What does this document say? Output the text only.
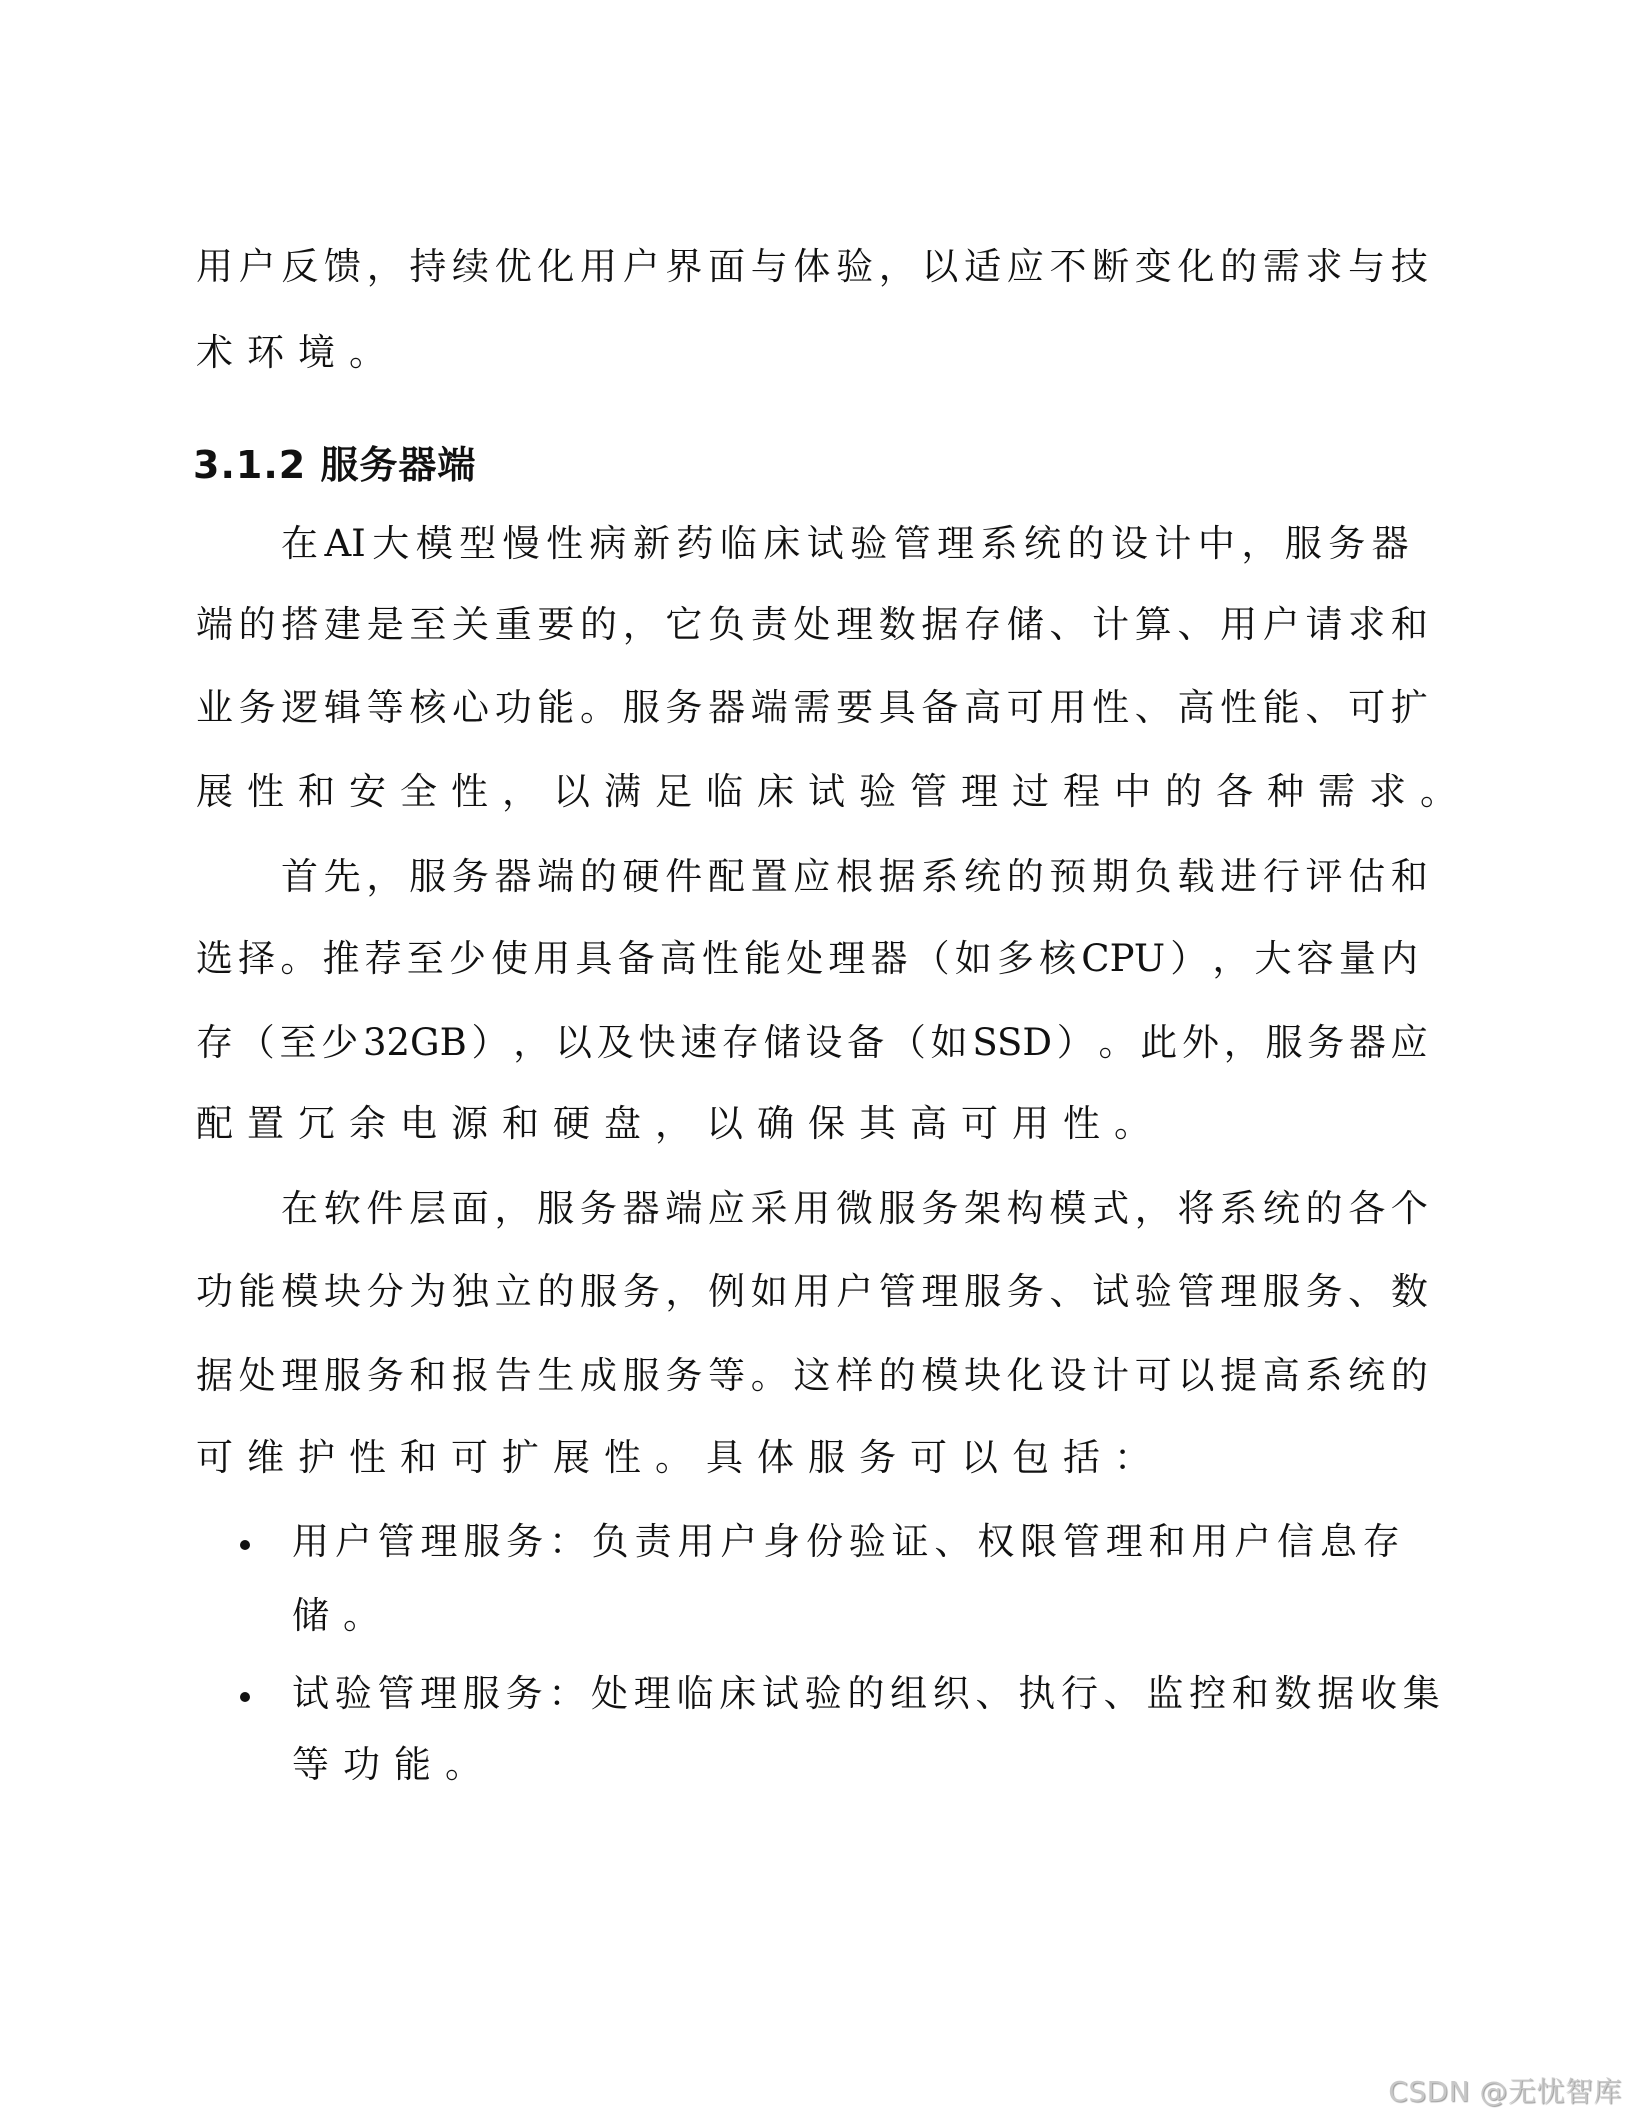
用 户 反 馈 ， 持 续 优 化 用 户 界 面 与 体 验 ， 以 适 应 不 断 变 化 的 需 求 与 技
术 环 境 。
3.1.2 服务器端
在 AI 大 模 型 慢 性 病 新 药 临 床 试 验 管 理 系 统 的 设 计 中 ， 服 务 器
端 的 搭 建 是 至 关 重 要 的 ， 它 负 责 处 理 数 据 存 储 、 计 算 、 用 户 请 求 和
业 务 逻 辑 等 核 心 功 能 。 服 务 器 端 需 要 具 备 高 可 用 性 、 高 性 能 、 可 扩
展 性 和 安 全 性 ， 以 满 足 临 床 试 验 管 理 过 程 中 的 各 种 需 求 。
首 先 ， 服 务 器 端 的 硬 件 配 置 应 根 据 系 统 的 预 期 负 载 进 行 评 估 和
选 择 。 推 荐 至 少 使 用 具 备 高 性 能 处 理 器 （ 如 多 核 CPU ） ， 大 容 量 内
存 （ 至 少 32GB ） ， 以 及 快 速 存 储 设 备 （ 如 SSD ） 。 此 外 ， 服 务 器 应
配 置 冗 余 电 源 和 硬 盘 ， 以 确 保 其 高 可 用 性 。
在 软 件 层 面 ， 服 务 器 端 应 采 用 微 服 务 架 构 模 式 ， 将 系 统 的 各 个
功 能 模 块 分 为 独 立 的 服 务 ， 例 如 用 户 管 理 服 务 、 试 验 管 理 服 务 、 数
据 处 理 服 务 和 报 告 生 成 服 务 等 。 这 样 的 模 块 化 设 计 可 以 提 高 系 统 的
可 维 护 性 和 可 扩 展 性 。 具 体 服 务 可 以 包 括 ：
用 户 管 理 服 务 ： 负 责 用 户 身 份 验 证 、 权 限 管 理 和 用 户 信 息 存
储 。
试 验 管 理 服 务 ： 处 理 临 床 试 验 的 组 织 、 执 行 、 监 控 和 数 据 收 集
等 功 能 。
CSDN @无忧智库
